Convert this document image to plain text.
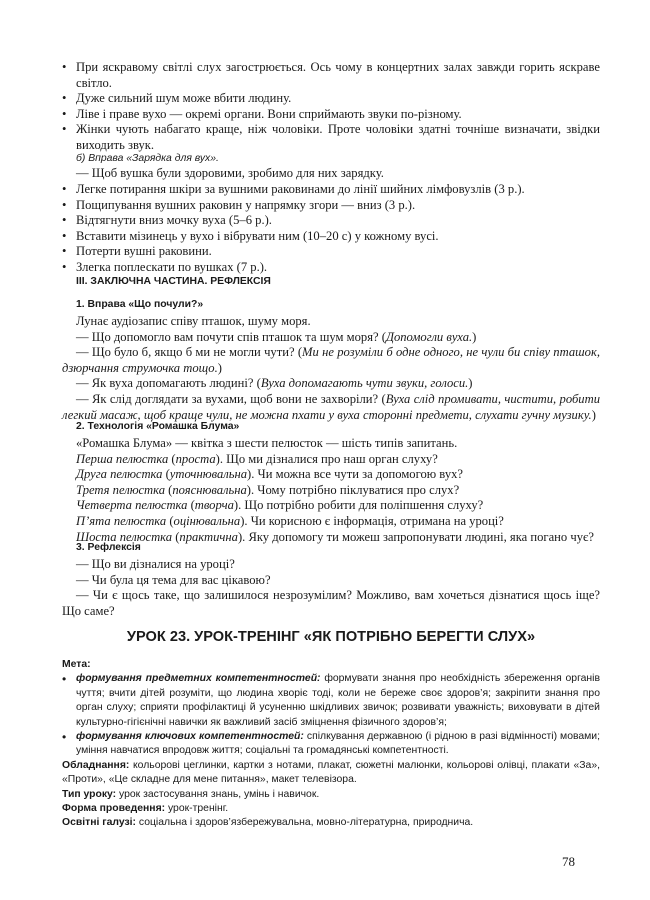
• При яскравому світлі слух загострюється. Ось чому в концертних залах завжди горить яскраве світло.
• Дуже сильний шум може вбити людину.
• Ліве і праве вухо — окремі органи. Вони сприймають звуки по-різному.
• Жінки чують набагато краще, ніж чоловіки. Проте чоловіки здатні точніше визначати, звідки виходить звук.
б) Вправа «Зарядка для вух».
— Щоб вушка були здоровими, зробимо для них зарядку.
• Легке потирання шкіри за вушними раковинами до лінії шийних лімфовузлів (3 р.).
• Пощипування вушних раковин у напрямку згори — вниз (3 р.).
• Відтягнути вниз мочку вуха (5–6 р.).
• Вставити мізинець у вухо і вібрувати ним (10–20 с) у кожному вусі.
• Потерти вушні раковини.
• Злегка поплескати по вушках (7 р.).
III. ЗАКЛЮЧНА ЧАСТИНА. РЕФЛЕКСІЯ
1. Вправа «Що почули?»
Лунає аудіозапис співу пташок, шуму моря.
— Що допомогло вам почути спів пташок та шум моря? (Допомогли вуха.)
— Що було б, якщо б ми не могли чути? (Ми не розуміли б одне одного, не чули би співу пташок, дзюрчання струмочка тощо.)
— Як вуха допомагають людині? (Вуха допомагають чути звуки, голоси.)
— Як слід доглядати за вухами, щоб вони не захворіли? (Вуха слід промивати, чистити, робити легкий масаж, щоб краще чули, не можна пхати у вуха сторонні предмети, слухати гучну музику.)
2. Технологія «Ромашка Блума»
«Ромашка Блума» — квітка з шести пелюсток — шість типів запитань.
Перша пелюстка (проста). Що ми дізналися про наш орган слуху?
Друга пелюстка (уточнювальна). Чи можна все чути за допомогою вух?
Третя пелюстка (пояснювальна). Чому потрібно піклуватися про слух?
Четверта пелюстка (творча). Що потрібно робити для поліпшення слуху?
П’ята пелюстка (оцінювальна). Чи корисною є інформація, отримана на уроці?
Шоста пелюстка (практична). Яку допомогу ти можеш запропонувати людині, яка погано чує?
3. Рефлексія
— Що ви дізналися на уроці?
— Чи була ця тема для вас цікавою?
— Чи є щось таке, що залишилося незрозумілим? Можливо, вам хочеться дізнатися щось іще? Що саме?
УРОК 23. УРОК-ТРЕНІНГ «ЯК ПОТРІБНО БЕРЕГТИ СЛУХ»
Мета:
• формування предметних компетентностей: формувати знання про необхідність збереження органів чуття; вчити дітей розуміти, що людина хворіє тоді, коли не береже своє здоров’я; закріпити знання про орган слуху; сприяти профілактиці й усуненню шкідливих звичок; розвивати уважність; виховувати в дітей культурно-гігієнічні навички як важливий засіб зміцнення фізичного здоров’я;
• формування ключових компетентностей: спілкування державною (і рідною в разі відмінності) мовами; уміння навчатися впродовж життя; соціальні та громадянські компетентності.
Обладнання: кольорові цеглинки, картки з нотами, плакат, сюжетні малюнки, кольорові олівці, плакати «За», «Проти», «Це складне для мене питання», макет телевізора.
Тип уроку: урок застосування знань, умінь і навичок.
Форма проведення: урок-тренінг.
Освітні галузі: соціальна і здоров’язбережувальна, мовно-літературна, природнича.
78
